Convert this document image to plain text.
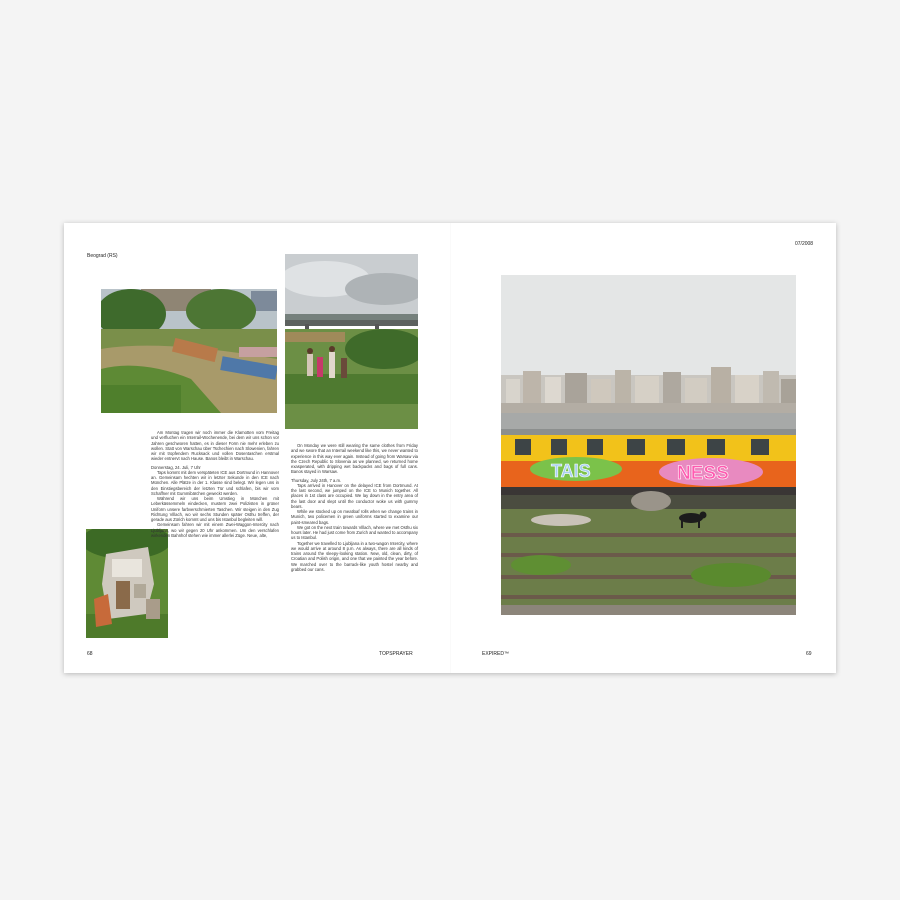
Beograd (RS)

Am Montag tragen wir noch immer die Klamotten vom Freitag und verfluchen ein Interrail-Wochenende, bei dem wir uns schon vor Jahren geschworen hatten, es in dieser Form nie mehr erleben zu wollen. Statt von Warschau über Tschechien nach Slowenien, fahren wir mit tropfendem Rucksack und vollen Dosentaschen erstmal wieder entnervt nach Hause. Banos bleibt in Warschau.

Donnerstag, 24. Juli, 7 Uhr

Taps kommt mit dem verspäteten ICE aus Dortmund in Hannover an. Gemeinsam hechten wir in letzter Sekunde in den ICE nach München. Alle Plätze in der 1. Klasse sind belegt. Wir legen uns in den Einstiegsbereich der letzten Tür und schlafen, bis wir vom Schaffner mit Gummibärchen geweckt werden.

Während wir uns beim Umstieg in München mit Leberkässemmeln eindecken, mustern zwei Polizisten in grüner Uniform unsere farbverschmierten Taschen. Wir steigen in den Zug Richtung Villach, wo wir sechs Stunden später Osthu treffen, der gerade aus Zürich kommt und uns bis Istanbul begleiten will.

Gemeinsam fahren wir mit einem Zwei-Waggon-Intercity nach Ljubljana, wo wir gegen 20 Uhr ankommen. Um den verschlafen wirkenden Bahnhof stehen wie immer allerlei Züge. Neue, alte,

On Monday we were still wearing the same clothes from Friday and we swore that an Interrail weekend like this, we never wanted to experience in this way ever again. Instead of going from Warsaw via the Czech Republic to Slovenia as we planned, we returned home exasperated, with dripping wet backpacks and bags of full cans. Banos stayed in Warsaw.

Thursday, July 24th, 7 a.m.

Taps arrived in Hanover on the delayed ICE from Dortmund. At the last second, we jumped on the ICE to Munich together. All places in 1st class are occupied. We lay down in the entry area of the last door and slept until the conductor woke us with gummy bears.

While we stocked up on meatloaf rolls when we change trains in Munich, two policemen in green uniforms started to examine our paint-smeared bags.

We got on the next train towards Villach, where we met Osthu six hours later. He had just come from Zurich and wanted to accompany us to Istanbul.

Together we travelled to Ljubljana in a two-wagon Intercity, where we would arrive at around 8 p.m. As always, there are all kinds of trains around the sleepy-looking station. New, old, clean, dirty, of Croatian and Polish origin, and one that we painted the year before. We marched over to the barrack-like youth hostel nearby and grabbed our cans.

68	TOPSPRAYER
07/2008
TAIS	NESS
EXPIRED™	69
